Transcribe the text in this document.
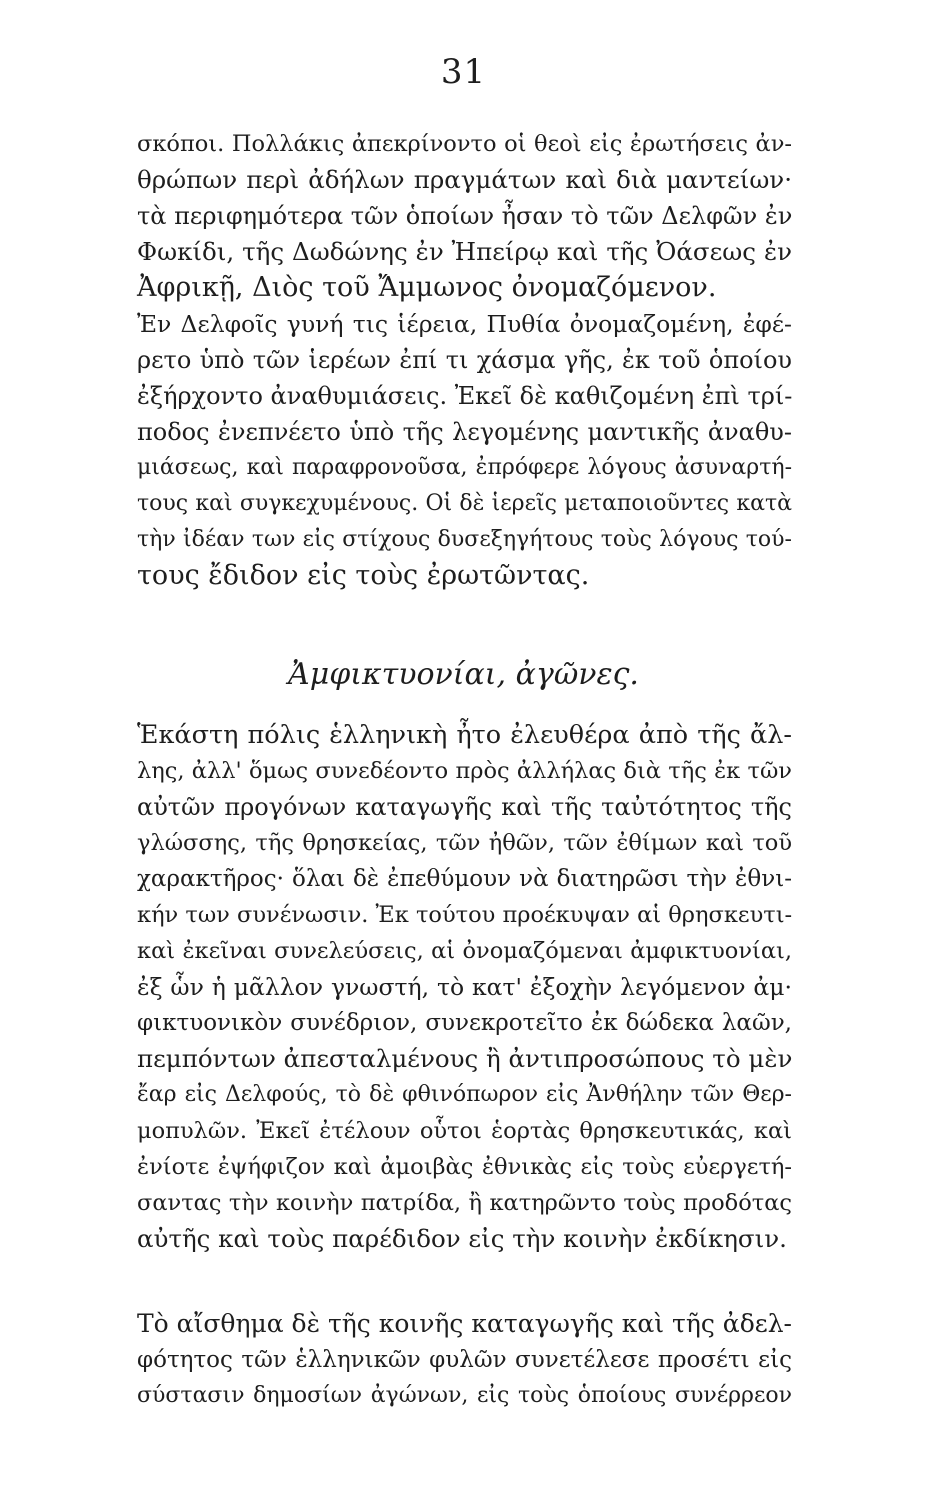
31
σκόποι. Πολλάκις ἀπεκρίνοντο οἱ θεοὶ εἰς ἐρωτήσεις ἀν-
θρώπων περὶ ἀδήλων πραγμάτων καὶ διὰ μαντείων·
τὰ περιφημότερα τῶν ὁποίων ἦσαν τὸ τῶν Δελφῶν ἐν
Φωκίδι, τῆς Δωδώνης ἐν Ἠπείρῳ καὶ τῆς Ὀάσεως ἐν
Ἀφρικῇ, Διὸς τοῦ Ἄμμωνος ὀνομαζόμενον.
Ἐν Δελφοῖς γυνή τις ἱέρεια, Πυθία ὀνομαζομένη, ἐφέ-
ρετο ὑπὸ τῶν ἱερέων ἐπί τι χάσμα γῆς, ἐκ τοῦ ὁποίου
ἐξήρχοντο ἀναθυμιάσεις. Ἐκεῖ δὲ καθιζομένη ἐπὶ τρί-
ποδος ἐνεπνέετο ὑπὸ τῆς λεγομένης μαντικῆς ἀναθυ-
μιάσεως, καὶ παραφρονοῦσα, ἐπρόφερε λόγους ἀσυναρτή-
τους καὶ συγκεχυμένους. Οἱ δὲ ἱερεῖς μεταποιοῦντες κατὰ
τὴν ἰδέαν των εἰς στίχους δυσεξηγήτους τοὺς λόγους τού-
τους ἔδιδον εἰς τοὺς ἐρωτῶντας.
Ἀμφικτυονίαι, ἀγῶνες.
Ἑκάστη πόλις ἑλληνικὴ ἦτο ἐλευθέρα ἀπὸ τῆς ἄλ-
λης, ἀλλ' ὅμως συνεδέοντο πρὸς ἀλλήλας διὰ τῆς ἐκ τῶν
αὐτῶν προγόνων καταγωγῆς καὶ τῆς ταὐτότητος τῆς
γλώσσης, τῆς θρησκείας, τῶν ἠθῶν, τῶν ἐθίμων καὶ τοῦ
χαρακτῆρος· ὅλαι δὲ ἐπεθύμουν νὰ διατηρῶσι τὴν ἐθνι-
κήν των συνένωσιν. Ἐκ τούτου προέκυψαν αἱ θρησκευτι-
καὶ ἐκεῖναι συνελεύσεις, αἱ ὀνομαζόμεναι ἀμφικτυονίαι,
ἐξ ὧν ἡ μᾶλλον γνωστή, τὸ κατ' ἐξοχὴν λεγόμενον ἀμ·
φικτυονικὸν συνέδριον, συνεκροτεῖτο ἐκ δώδεκα λαῶν,
πεμπόντων ἀπεσταλμένους ἢ ἀντιπροσώπους τὸ μὲν
ἔαρ εἰς Δελφούς, τὸ δὲ φθινόπωρον εἰς Ἀνθήλην τῶν Θερ-
μοπυλῶν. Ἐκεῖ ἐτέλουν οὗτοι ἑορτὰς θρησκευτικάς, καὶ
ἐνίοτε ἐψήφιζον καὶ ἀμοιβὰς ἐθνικὰς εἰς τοὺς εὐεργετή-
σαντας τὴν κοινὴν πατρίδα, ἢ κατηρῶντο τοὺς προδότας
αὐτῆς καὶ τοὺς παρέδιδον εἰς τὴν κοινὴν ἐκδίκησιν.
Τὸ αἴσθημα δὲ τῆς κοινῆς καταγωγῆς καὶ τῆς ἀδελ-
φότητος τῶν ἑλληνικῶν φυλῶν συνετέλεσε προσέτι εἰς
σύστασιν δημοσίων ἀγώνων, εἰς τοὺς ὁποίους συνέρρεον
